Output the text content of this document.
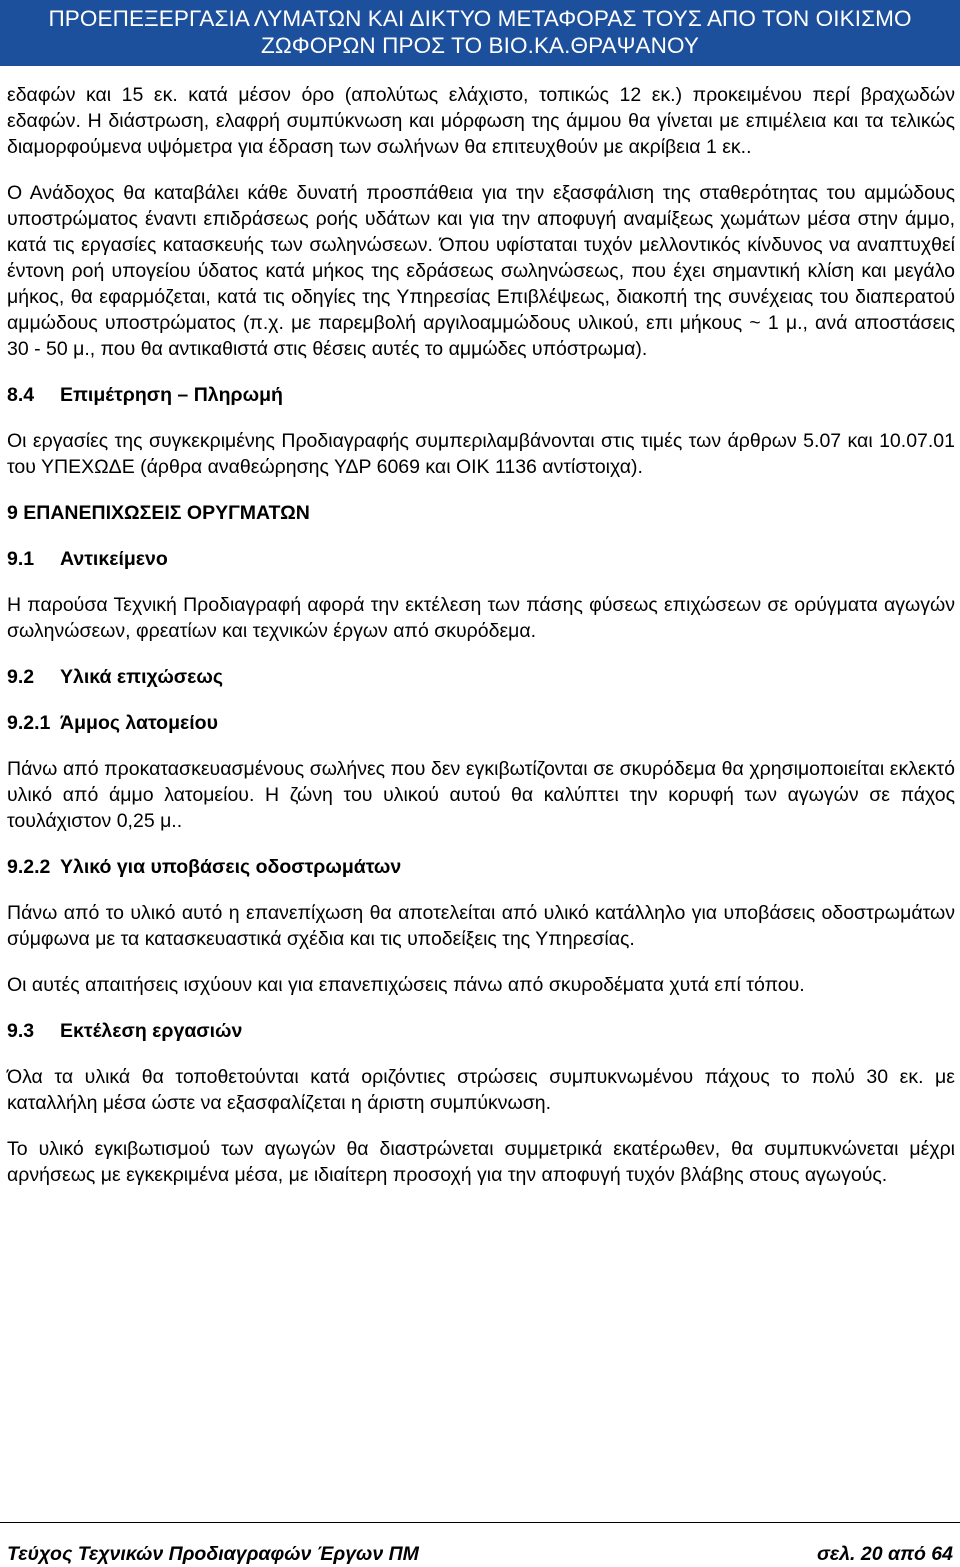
ΠΡΟΕΠΕΞΕΡΓΑΣΙΑ ΛΥΜΑΤΩΝ ΚΑΙ ΔΙΚΤΥΟ ΜΕΤΑΦΟΡΑΣ ΤΟΥΣ ΑΠΟ ΤΟΝ ΟΙΚΙΣΜΟ
ΖΩΦΟΡΩΝ ΠΡΟΣ ΤΟ ΒΙΟ.ΚΑ.ΘΡΑΨΑΝΟΥ

εδαφών και 15 εκ. κατά μέσον όρο (απολύτως ελάχιστο, τοπικώς 12 εκ.) προκειμένου περί βραχωδών εδαφών. Η διάστρωση, ελαφρή συμπύκνωση και μόρφωση της άμμου θα γίνεται με επιμέλεια και τα τελικώς διαμορφούμενα υψόμετρα για έδραση των σωλήνων θα επιτευχθούν με ακρίβεια 1 εκ..

Ο Ανάδοχος θα καταβάλει κάθε δυνατή προσπάθεια για την εξασφάλιση της σταθερότητας του αμμώδους υποστρώματος έναντι επιδράσεως ροής υδάτων και για την αποφυγή αναμίξεως χωμάτων μέσα στην άμμο, κατά τις εργασίες κατασκευής των σωληνώσεων. Όπου υφίσταται τυχόν μελλοντικός κίνδυνος να αναπτυχθεί έντονη ροή υπογείου ύδατος κατά μήκος της εδράσεως σωληνώσεως, που έχει σημαντική κλίση και μεγάλο μήκος, θα εφαρμόζεται, κατά τις οδηγίες της Υπηρεσίας Επιβλέψεως, διακοπή της συνέχειας του διαπερατού αμμώδους υποστρώματος (π.χ. με παρεμβολή αργιλοαμμώδους υλικού, επι μήκους ~ 1 μ., ανά αποστάσεις 30 - 50 μ., που θα αντικαθιστά στις θέσεις αυτές το αμμώδες υπόστρωμα).

8.4 Επιμέτρηση – Πληρωμή

Οι εργασίες της συγκεκριμένης Προδιαγραφής συμπεριλαμβάνονται στις τιμές των άρθρων 5.07 και 10.07.01 του ΥΠΕΧΩΔΕ (άρθρα αναθεώρησης ΥΔΡ 6069 και ΟΙΚ 1136 αντίστοιχα).

9 ΕΠΑΝΕΠΙΧΩΣΕΙΣ ΟΡΥΓΜΑΤΩΝ
9.1 Αντικείμενο

Η παρούσα Τεχνική Προδιαγραφή αφορά την εκτέλεση των πάσης φύσεως επιχώσεων σε ορύγματα αγωγών σωληνώσεων, φρεατίων και τεχνικών έργων από σκυρόδεμα.

9.2 Υλικά επιχώσεως
9.2.1 Άμμος λατομείου

Πάνω από προκατασκευασμένους σωλήνες που δεν εγκιβωτίζονται σε σκυρόδεμα θα χρησιμοποιείται εκλεκτό υλικό από άμμο λατομείου. Η ζώνη του υλικού αυτού θα καλύπτει την κορυφή των αγωγών σε πάχος τουλάχιστον 0,25 μ..

9.2.2 Υλικό για υποβάσεις οδοστρωμάτων

Πάνω από το υλικό αυτό η επανεπίχωση θα αποτελείται από υλικό κατάλληλο για υποβάσεις οδοστρωμάτων σύμφωνα με τα κατασκευαστικά σχέδια και τις υποδείξεις της Υπηρεσίας.

Οι αυτές απαιτήσεις ισχύουν και για επανεπιχώσεις πάνω από σκυροδέματα χυτά επί τόπου.

9.3 Εκτέλεση εργασιών

Όλα τα υλικά θα τοποθετούνται κατά οριζόντιες στρώσεις συμπυκνωμένου πάχους το πολύ 30 εκ. με καταλλήλη μέσα ώστε να εξασφαλίζεται η άριστη συμπύκνωση.

Το υλικό εγκιβωτισμού των αγωγών θα διαστρώνεται συμμετρικά εκατέρωθεν, θα συμπυκνώνεται μέχρι αρνήσεως με εγκεκριμένα μέσα, με ιδιαίτερη προσοχή για την αποφυγή τυχόν βλάβης στους αγωγούς.

Τεύχος Τεχνικών Προδιαγραφών Έργων ΠΜ	σελ. 20 από 64
